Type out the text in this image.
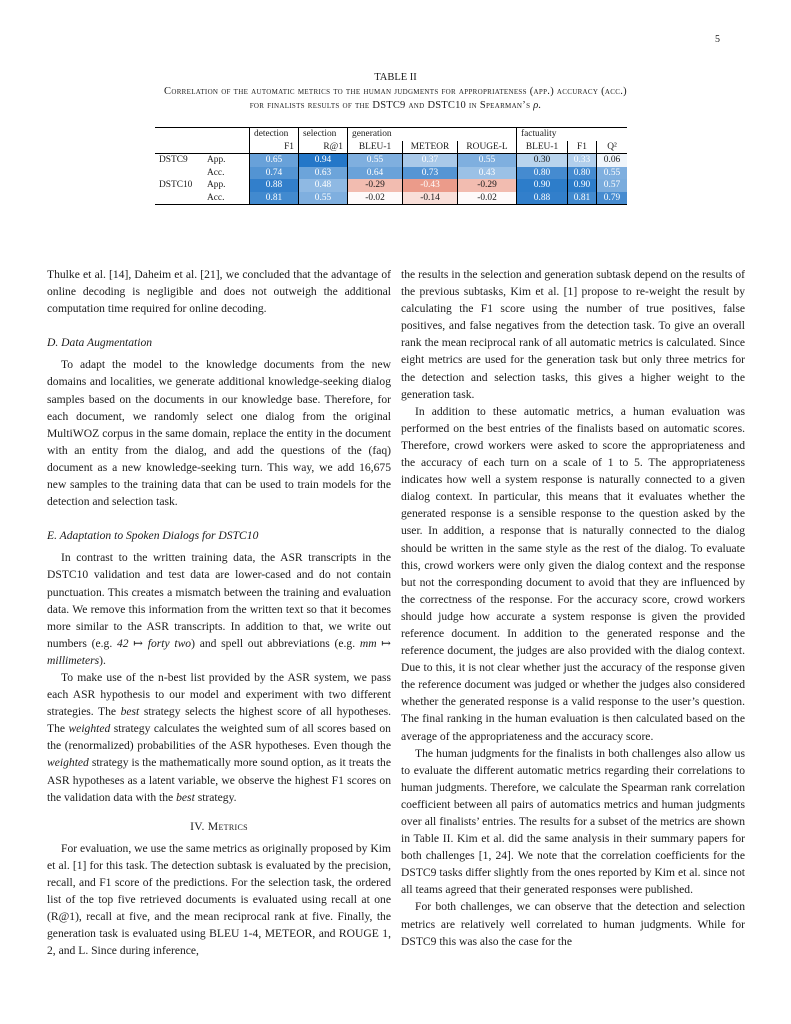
5
TABLE II
Correlation of the automatic metrics to the human judgments for appropriateness (app.) accuracy (acc.)
for finalists results of the DSTC9 and DSTC10 in Spearman’s ρ.
		detection	selection	generation			factuality		
		F1	R@1	BLEU-1	METEOR	ROUGE-L	BLEU-1	F1	Q²
DSTC9	App.	0.65	0.94	0.55	0.37	0.55	0.30	0.33	0.06
	Acc.	0.74	0.63	0.64	0.73	0.43	0.80	0.80	0.55
DSTC10	App.	0.88	0.48	-0.29	-0.43	-0.29	0.90	0.90	0.57
	Acc.	0.81	0.55	-0.02	-0.14	-0.02	0.88	0.81	0.79

Thulke et al. [14], Daheim et al. [21], we concluded that the advantage of online decoding is negligible and does not outweigh the additional computation time required for online decoding.

D. Data Augmentation

To adapt the model to the knowledge documents from the new domains and localities, we generate additional knowledge-seeking dialog samples based on the documents in our knowledge base. Therefore, for each document, we randomly select one dialog from the original MultiWOZ corpus in the same domain, replace the entity in the document with an entity from the dialog, and add the questions of the (faq) document as a new knowledge-seeking turn. This way, we add 16,675 new samples to the training data that can be used to train models for the detection and selection task.

E. Adaptation to Spoken Dialogs for DSTC10

In contrast to the written training data, the ASR transcripts in the DSTC10 validation and test data are lower-cased and do not contain punctuation. This creates a mismatch between the training and evaluation data. We remove this information from the written text so that it becomes more similar to the ASR transcripts. In addition to that, we write out numbers (e.g. 42 ↦ forty two) and spell out abbreviations (e.g. mm ↦ millimeters).

To make use of the n-best list provided by the ASR system, we pass each ASR hypothesis to our model and experiment with two different strategies. The best strategy selects the highest score of all hypotheses. The weighted strategy calculates the weighted sum of all scores based on the (renormalized) probabilities of the ASR hypotheses. Even though the weighted strategy is the mathematically more sound option, as it treats the ASR hypotheses as a latent variable, we observe the highest F1 scores on the validation data with the best strategy.

IV. Metrics

For evaluation, we use the same metrics as originally proposed by Kim et al. [1] for this task. The detection subtask is evaluated by the precision, recall, and F1 score of the predictions. For the selection task, the ordered list of the top five retrieved documents is evaluated using recall at one (R@1), recall at five, and the mean reciprocal rank at five. Finally, the generation task is evaluated using BLEU 1-4, METEOR, and ROUGE 1, 2, and L. Since during inference,

the results in the selection and generation subtask depend on the results of the previous subtasks, Kim et al. [1] propose to re-weight the result by calculating the F1 score using the number of true positives, false positives, and false negatives from the detection task. To give an overall rank the mean reciprocal rank of all automatic metrics is calculated. Since eight metrics are used for the generation task but only three metrics for the detection and selection tasks, this gives a higher weight to the generation task.

In addition to these automatic metrics, a human evaluation was performed on the best entries of the finalists based on automatic scores. Therefore, crowd workers were asked to score the appropriateness and the accuracy of each turn on a scale of 1 to 5. The appropriateness indicates how well a system response is naturally connected to a given dialog context. In particular, this means that it evaluates whether the generated response is a sensible response to the question asked by the user. In addition, a response that is naturally connected to the dialog should be written in the same style as the rest of the dialog. To evaluate this, crowd workers were only given the dialog context and the response but not the corresponding document to avoid that they are influenced by the correctness of the response. For the accuracy score, crowd workers should judge how accurate a system response is given the provided reference document. In addition to the generated response and the reference document, the judges are also provided with the dialog context. Due to this, it is not clear whether just the accuracy of the response given the reference document was judged or whether the judges also considered whether the generated response is a valid response to the user’s question. The final ranking in the human evaluation is then calculated based on the average of the appropriateness and the accuracy score.

The human judgments for the finalists in both challenges also allow us to evaluate the different automatic metrics regarding their correlations to human judgments. Therefore, we calculate the Spearman rank correlation coefficient between all pairs of automatics metrics and human judgments over all finalists’ entries. The results for a subset of the metrics are shown in Table II. Kim et al. did the same analysis in their summary papers for both challenges [1, 24]. We note that the correlation coefficients for the DSTC9 tasks differ slightly from the ones reported by Kim et al. since not all teams agreed that their generated responses were published.

For both challenges, we can observe that the detection and selection metrics are relatively well correlated to human judgments. While for DSTC9 this was also the case for the
